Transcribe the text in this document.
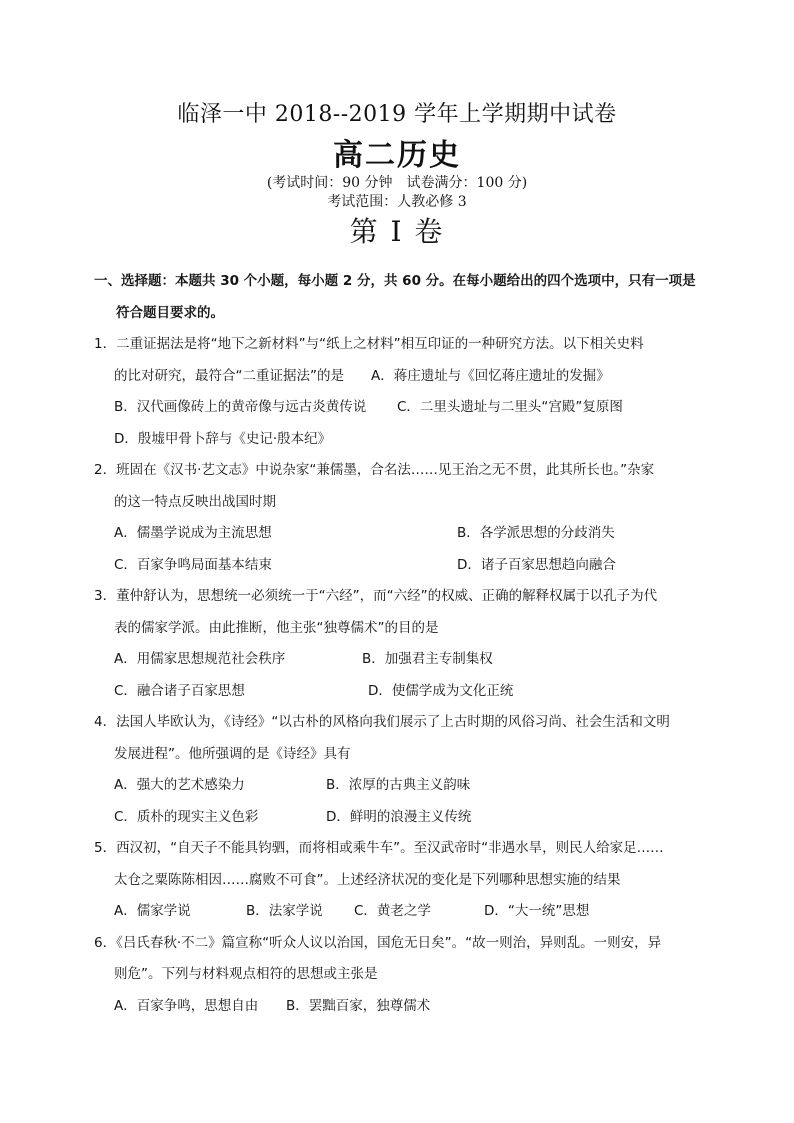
临泽一中 2018--2019 学年上学期期中试卷
高二历史
(考试时间：90 分钟　试卷满分：100 分)
考试范围：人教必修 3
第 I 卷
一、选择题：本题共 30 个小题，每小题 2 分，共 60 分。在每小题给出的四个选项中，只有一项是
符合题目要求的。
1．二重证据法是将“地下之新材料”与“纸上之材料”相互印证的一种研究方法。以下相关史料
的比对研究，最符合“二重证据法”的是　　A．蒋庄遗址与《回忆蒋庄遗址的发掘》
B．汉代画像砖上的黄帝像与远古炎黄传说	C．二里头遗址与二里头“宫殿”复原图
D．殷墟甲骨卜辞与《史记·殷本纪》
2．班固在《汉书·艺文志》中说杂家“兼儒墨，合名法……见王治之无不贯，此其所长也。”杂家
的这一特点反映出战国时期
A．儒墨学说成为主流思想	B．各学派思想的分歧消失
C．百家争鸣局面基本结束	D．诸子百家思想趋向融合
3．董仲舒认为，思想统一必须统一于“六经”，而“六经”的权威、正确的解释权属于以孔子为代
表的儒家学派。由此推断，他主张“独尊儒术”的目的是
A．用儒家思想规范社会秩序	B．加强君主专制集权
C．融合诸子百家思想	D．使儒学成为文化正统
4．法国人毕欧认为，《诗经》“以古朴的风格向我们展示了上古时期的风俗习尚、社会生活和文明
发展进程”。他所强调的是《诗经》具有
A．强大的艺术感染力	B．浓厚的古典主义韵味
C．质朴的现实主义色彩	D．鲜明的浪漫主义传统
5．西汉初，“自天子不能具钧驷，而将相或乘牛车”。至汉武帝时“非遇水旱，则民人给家足……
太仓之粟陈陈相因……腐败不可食”。上述经济状况的变化是下列哪种思想实施的结果
A．儒家学说	B．法家学说	C．黄老之学	D．“大一统”思想
6．《吕氏春秋·不二》篇宣称“听众人议以治国，国危无日矣”。“故一则治，异则乱。一则安，异
则危”。下列与材料观点相符的思想或主张是
A．百家争鸣，思想自由	B．罢黜百家，独尊儒术
